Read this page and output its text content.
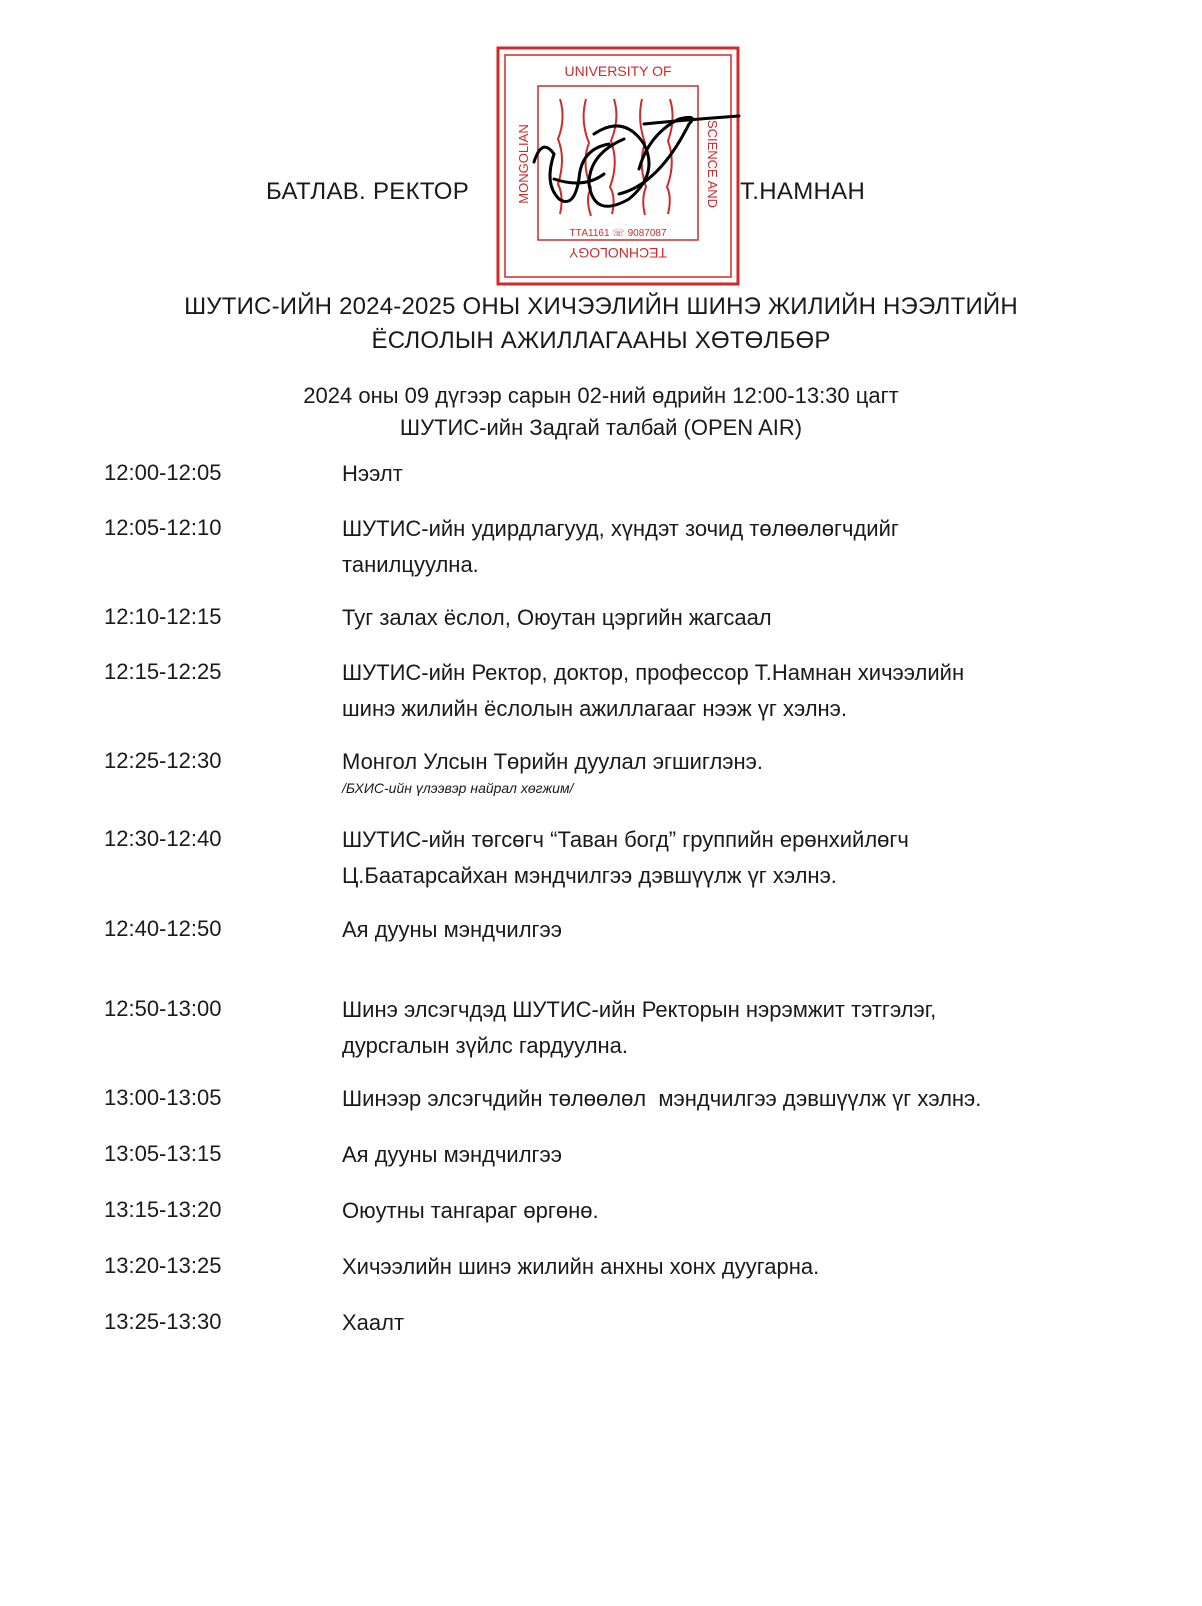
БАТЛАВ. РЕКТОР	Т.НАМНАН
UNIVERSITY OF
MONGOLIAN	SCIENCE AND
TECHNOLOGY
ТТА1161 ☏ 9087087
ШУТИС-ИЙН 2024-2025 ОНЫ ХИЧЭЭЛИЙН ШИНЭ ЖИЛИЙН НЭЭЛТИЙН
ЁСЛОЛЫН АЖИЛЛАГААНЫ ХӨТӨЛБӨР
2024 оны 09 дүгээр сарын 02-ний өдрийн 12:00-13:30 цагт
ШУТИС-ийн Задгай талбай (OPEN AIR)
12:00-12:05	Нээлт
12:05-12:10	ШУТИС-ийн удирдлагууд, хүндэт зочид төлөөлөгчдийг
танилцуулна.
12:10-12:15	Туг залах ёслол, Оюутан цэргийн жагсаал
12:15-12:25	ШУТИС-ийн Ректор, доктор, профессор Т.Намнан хичээлийн
шинэ жилийн ёслолын ажиллагааг нээж үг хэлнэ.
12:25-12:30	Монгол Улсын Төрийн дуулал эгшиглэнэ.
/БХИС-ийн үлээвэр найрал хөгжим/
12:30-12:40	ШУТИС-ийн төгсөгч “Таван богд” группийн ерөнхийлөгч
Ц.Баатарсайхан мэндчилгээ дэвшүүлж үг хэлнэ.
12:40-12:50	Ая дууны мэндчилгээ
12:50-13:00	Шинэ элсэгчдэд ШУТИС-ийн Ректорын нэрэмжит тэтгэлэг,
дурсгалын зүйлс гардуулна.
13:00-13:05	Шинээр элсэгчдийн төлөөлөл  мэндчилгээ дэвшүүлж үг хэлнэ.
13:05-13:15	Ая дууны мэндчилгээ
13:15-13:20	Оюутны тангараг өргөнө.
13:20-13:25	Хичээлийн шинэ жилийн анхны хонх дуугарна.
13:25-13:30	Хаалт
